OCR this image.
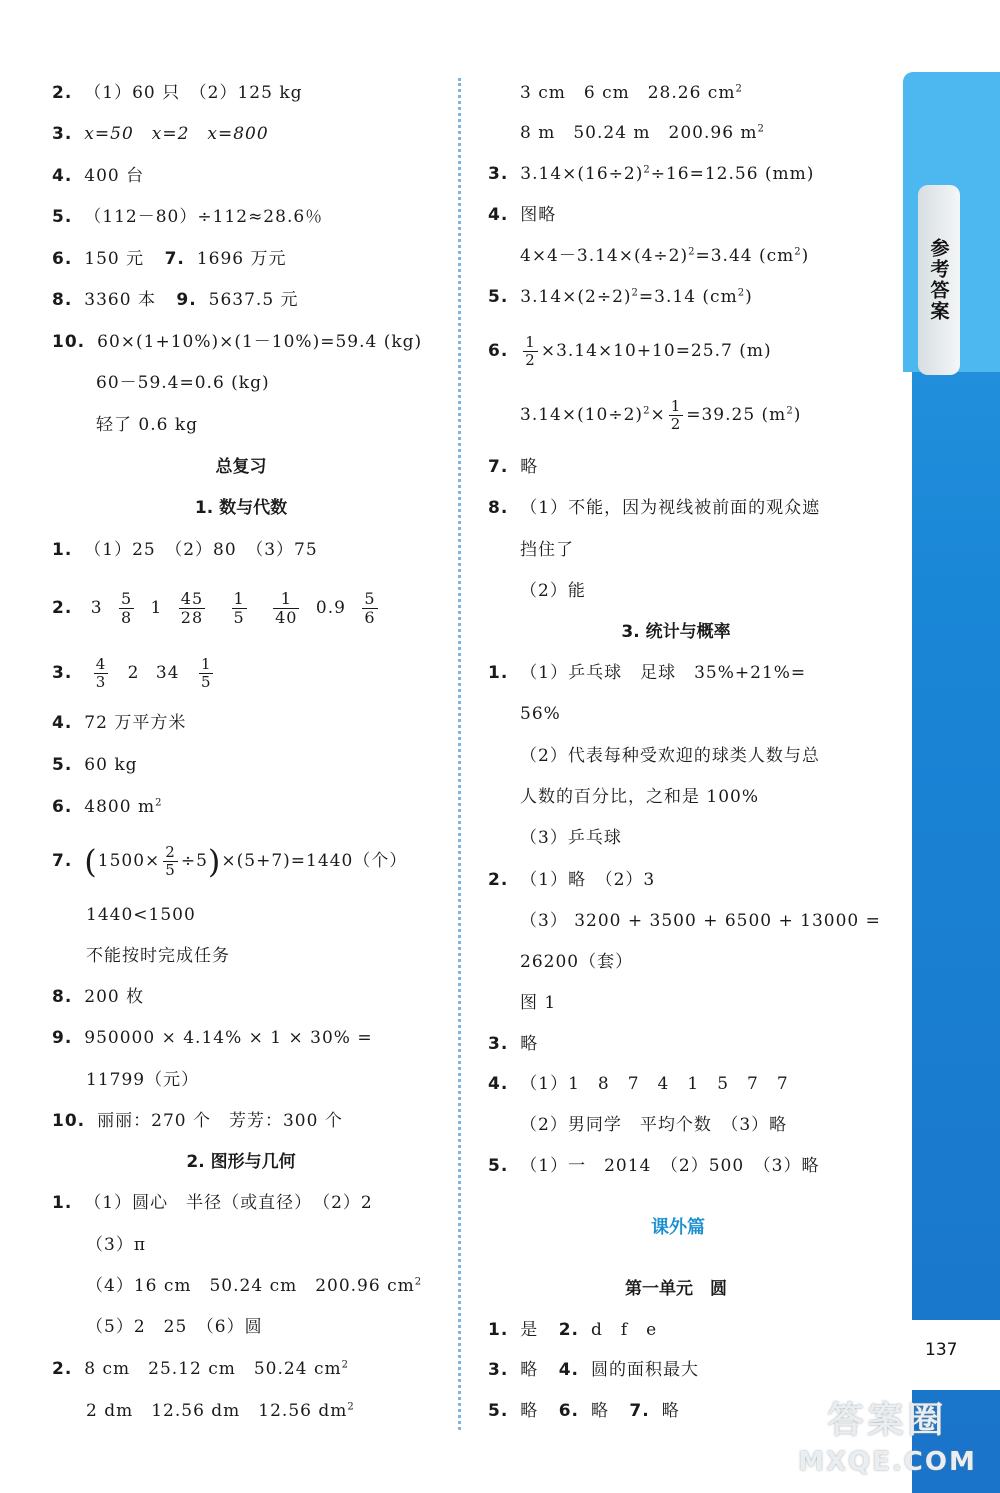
参考答案
137
2. （1）60 只　（2）125 kg
3. x=50　x=2　x=800
4. 400 台
5. （112－80）÷112≈28.6％
6. 150 元 7. 1696 万元
8. 3360 本 9. 5637.5 元
10. 60×(1+10%)×(1－10%)=59.4 (kg)
60－59.4=0.6 (kg)
轻了 0.6 kg
总复习
1. 数与代数
1. （1）25　（2）80　（3）75
2. $3 \frac{5}{8} 1 \frac{45}{28}$
$\frac{1}{5}$
$\frac{1}{40} 0.9 \frac{5}{6}$
3. $\frac{4}{3} 2$ $34 \frac{1}{5}$
4. 72 万平方米
5. 60 kg
6. 4800 $m^2$
7. $(1500\times \frac{2}{5} \div 5)\times(5+7)=1440$（个）
1440<1500
不能按时完成任务
8. 200 枚
9. 950000 × 4.14% × 1 × 30% =
11799（元）
10. 丽丽：270 个　芳芳：300 个
2. 图形与几何
1. （1）圆心　半径（或直径）　（2）2
（3）π
（4）16 cm　50.24 cm　200.96 $cm^2$
（5）2　25　（6）圆
2. 8 cm　25.12 cm　50.24 $cm^2$
2 dm　12.56 dm　12.56 $dm^2$
3 cm　6 cm　28.26 $cm^2$
8 m　50.24 m　200.96 $m^2$
3. $3.14\times(16\div 2)^2\div 16=12.56$ (mm)
4. 图略
$4\times 4-3.14\times(4\div 2)^2=3.44$ $(cm^2)$
5. $3.14\times(2\div 2)^2=3.14$ $(cm^2)$
6. $\frac{1}{2} \times 3.14\times 10+10=25.7$ (m)
$3.14\times(10\div 2)^2\times \frac{1}{2} =39.25$ $(m^2)$
7. 略
8. （1）不能，因为视线被前面的观众遮
挡住了
（2）能
3. 统计与概率
1. （1）乒乓球　足球　35%+21%=
56%
（2）代表每种受欢迎的球类人数与总
人数的百分比，之和是 100%
（3）乒乓球
2. （1）略　（2）3
（3） 3200 + 3500 + 6500 + 13000 =
26200（套）
图 1
3. 略
4. （1）1　8　7　4　1　5　7　7
（2）男同学　平均个数　（3）略
5. （1）一　2014　（2）500　（3）略
课外篇
第一单元　圆
1. 是 2. d　f　e
3. 略 4. 圆的面积最大
5. 略 6. 略 7. 略	答案圈
MXQE.COM
